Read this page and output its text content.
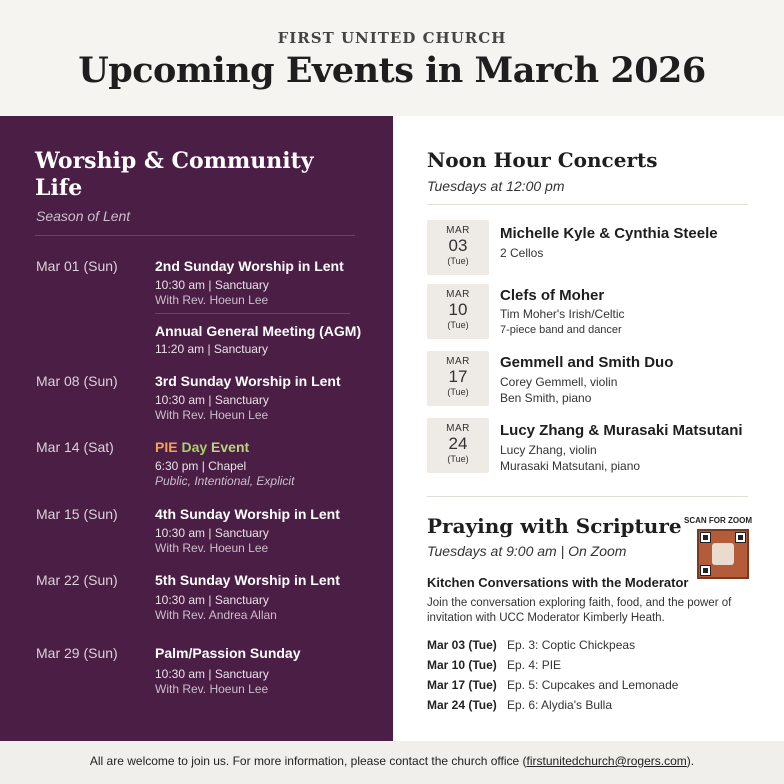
FIRST UNITED CHURCH
Upcoming Events in March 2026
Worship & Community Life
Season of Lent
Mar 01 (Sun)	2nd Sunday Worship in Lent
10:30 am | Sanctuary
With Rev. Hoeun Lee
Annual General Meeting (AGM)
11:20 am | Sanctuary
Mar 08 (Sun)	3rd Sunday Worship in Lent
10:30 am | Sanctuary
With Rev. Hoeun Lee
Mar 14 (Sat)	PIE Day Event
6:30 pm | Chapel
Public, Intentional, Explicit
Mar 15 (Sun)	4th Sunday Worship in Lent
10:30 am | Sanctuary
With Rev. Hoeun Lee
Mar 22 (Sun)	5th Sunday Worship in Lent
10:30 am | Sanctuary
With Rev. Andrea Allan
Mar 29 (Sun)	Palm/Passion Sunday
10:30 am | Sanctuary
With Rev. Hoeun Lee
Noon Hour Concerts
Tuesdays at 12:00 pm
MAR
03
(Tue)
Michelle Kyle & Cynthia Steele
2 Cellos
MAR
10
(Tue)
Clefs of Moher
Tim Moher's Irish/Celtic
7-piece band and dancer
MAR
17
(Tue)
Gemmell and Smith Duo
Corey Gemmell, violin
Ben Smith, piano
MAR
24
(Tue)
Lucy Zhang & Murasaki Matsutani
Lucy Zhang, violin
Murasaki Matsutani, piano
Praying with Scripture
Tuesdays at 9:00 am | On Zoom
SCAN FOR ZOOM
Kitchen Conversations with the Moderator
Join the conversation exploring faith, food, and the power of invitation with UCC Moderator Kimberly Heath.
Mar 03 (Tue) Ep. 3: Coptic Chickpeas
Mar 10 (Tue) Ep. 4: PIE
Mar 17 (Tue) Ep. 5: Cupcakes and Lemonade
Mar 24 (Tue) Ep. 6: Alydia's Bulla
All are welcome to join us. For more information, please contact the church office (firstunitedchurch@rogers.com).
